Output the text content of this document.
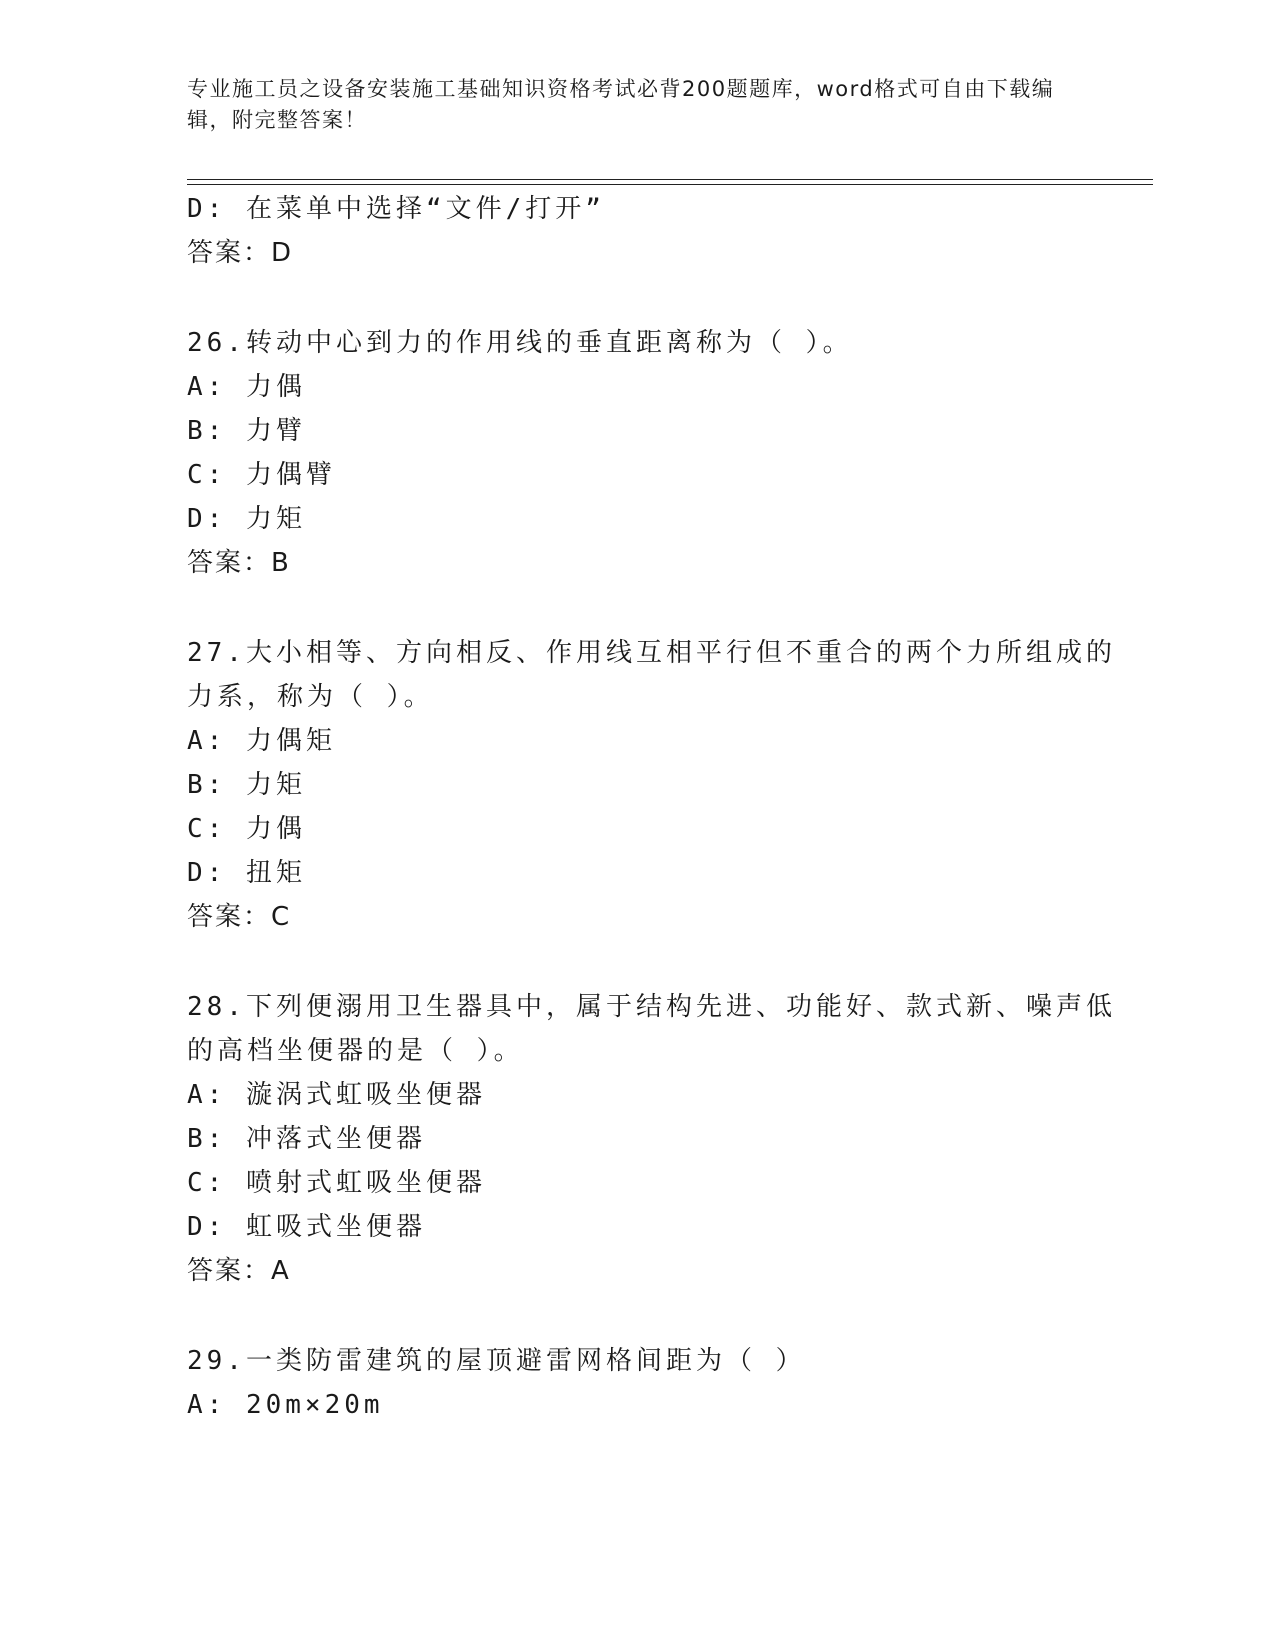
专业施工员之设备安装施工基础知识资格考试必背200题题库，word格式可自由下载编辑，附完整答案！
D: 在菜单中选择“文件/打开”
答案：D
26.转动中心到力的作用线的垂直距离称为（ ）。
A: 力偶
B: 力臂
C: 力偶臂
D: 力矩
答案：B
27.大小相等、方向相反、作用线互相平行但不重合的两个力所组成的
力系，称为（ ）。
A: 力偶矩
B: 力矩
C: 力偶
D: 扭矩
答案：C
28.下列便溺用卫生器具中，属于结构先进、功能好、款式新、噪声低
的高档坐便器的是（ ）。
A: 漩涡式虹吸坐便器
B: 冲落式坐便器
C: 喷射式虹吸坐便器
D: 虹吸式坐便器
答案：A
29.一类防雷建筑的屋顶避雷网格间距为（ ）
A: 20m×20m
